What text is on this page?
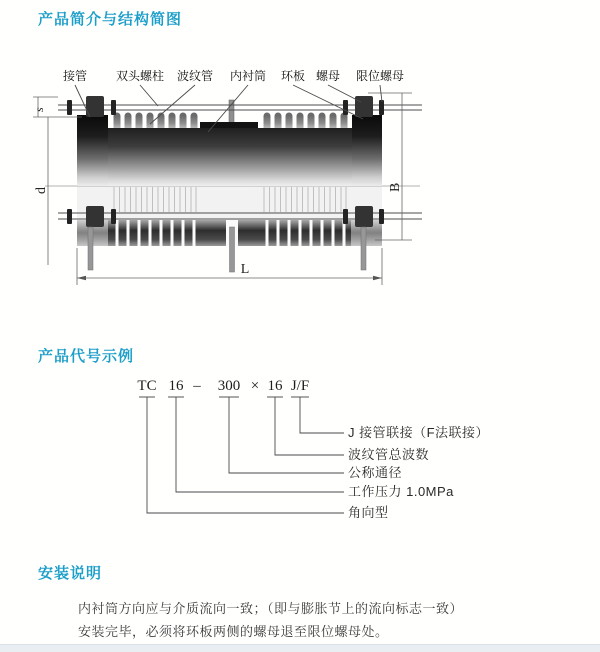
产品简介与结构简图
s
d	B
L
接管 双头螺柱 波纹管 内衬筒 环板 螺母 限位螺母
产品代号示例
TC 16 – 300 × 16 J/F
J 接管联接（F法联接）
波纹管总波数
公称通径
工作压力 1.0MPa
角向型
安装说明
内衬筒方向应与介质流向一致；（即与膨胀节上的流向标志一致）
安装完毕，必须将环板两侧的螺母退至限位螺母处。
